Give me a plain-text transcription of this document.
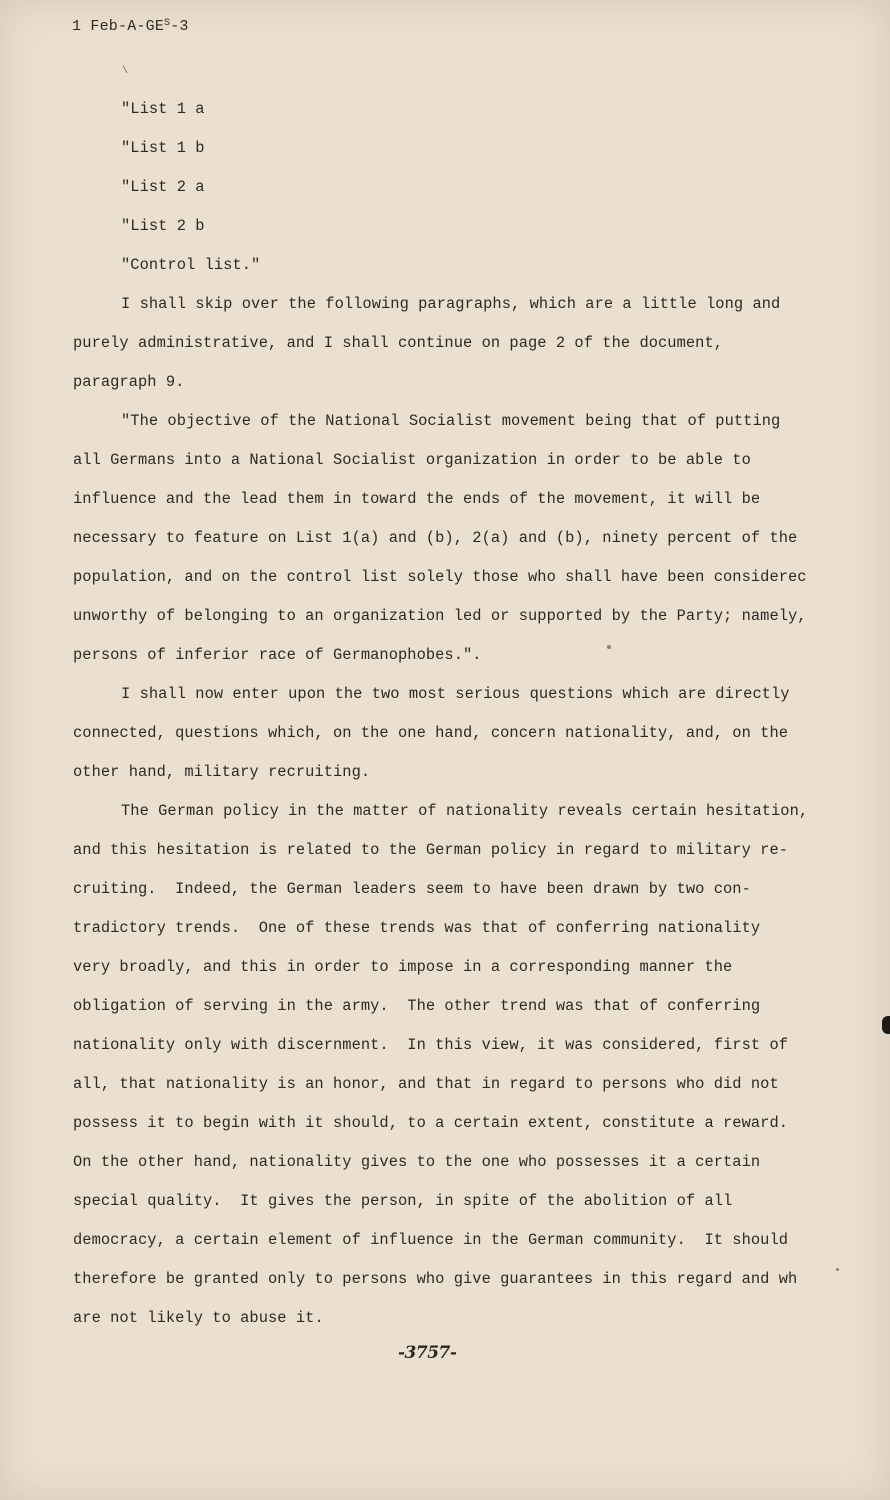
1 Feb-$A-GE^S-3$
\
"List 1 a
"List 1 b
"List 2 a
"List 2 b
"Control list."
I shall skip over the following paragraphs, which are a little long and
purely administrative, and I shall continue on page 2 of the document,
paragraph 9.
"The objective of the National Socialist movement being that of putting
all Germans into a National Socialist organization in order to be able to
influence and the lead them in toward the ends of the movement, it will be
necessary to feature on List 1(a) and (b), 2(a) and (b), ninety percent of the
population, and on the control list solely those who shall have been considerec
unworthy of belonging to an organization led or supported by the Party; namely,
persons of inferior race of Germanophobes.".
I shall now enter upon the two most serious questions which are directly
connected, questions which, on the one hand, concern nationality, and, on the
other hand, military recruiting.
The German policy in the matter of nationality reveals certain hesitation,
and this hesitation is related to the German policy in regard to military re-
cruiting.  Indeed, the German leaders seem to have been drawn by two con-
tradictory trends.  One of these trends was that of conferring nationality
very broadly, and this in order to impose in a corresponding manner the
obligation of serving in the army.  The other trend was that of conferring
nationality only with discernment.  In this view, it was considered, first of
all, that nationality is an honor, and that in regard to persons who did not
possess it to begin with it should, to a certain extent, constitute a reward.
On the other hand, nationality gives to the one who possesses it a certain
special quality.  It gives the person, in spite of the abolition of all
democracy, a certain element of influence in the German community.  It should
therefore be granted only to persons who give guarantees in this regard and wh
are not likely to abuse it.
-3757-
